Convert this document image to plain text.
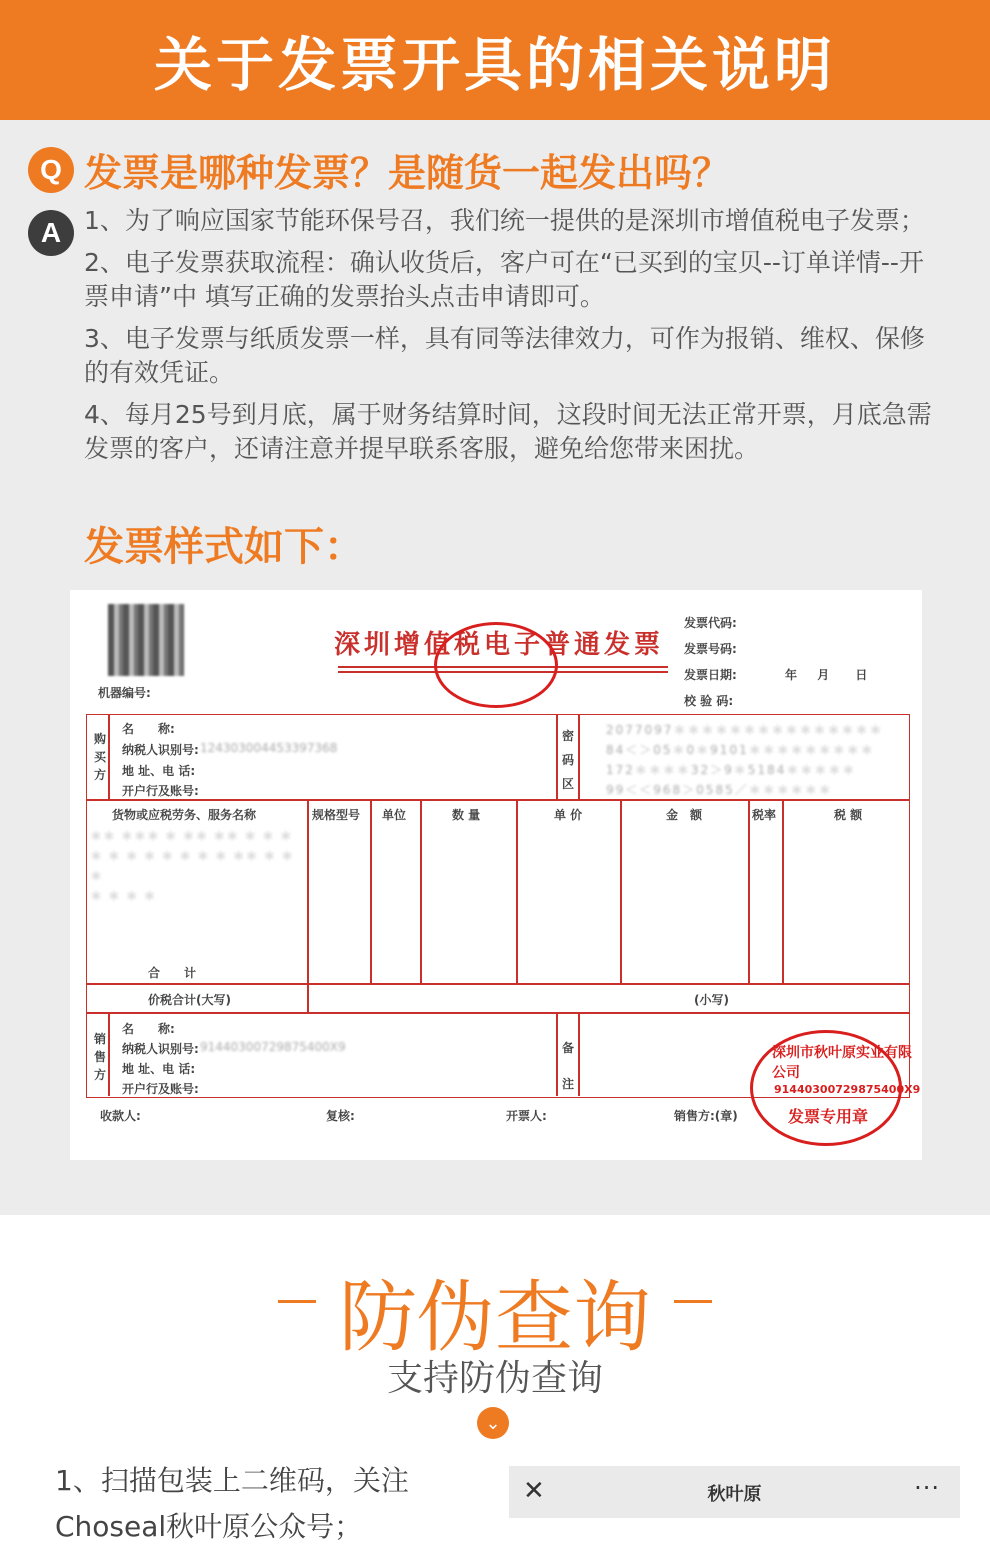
关于发票开具的相关说明
Q 发票是哪种发票？是随货一起发出吗？
A 1、为了响应国家节能环保号召，我们统一提供的是深圳市增值税电子发票；

2、电子发票获取流程：确认收货后，客户可在“已买到的宝贝--订单详情--开票申请”中 填写正确的发票抬头点击申请即可。

3、电子发票与纸质发票一样，具有同等法律效力，可作为报销、维权、保修的有效凭证。

4、每月25号到月底，属于财务结算时间，这段时间无法正常开票，月底急需发票的客户，还请注意并提早联系客服，避免给您带来困扰。

发票样式如下：
机器编号:
深圳增值税电子普通发票
发票代码:
发票号码:
发票日期:	年 月 日
校 验 码:
购买方
名　　称:
纳税人识别号: 124303004453397368
地 址、电 话:
开户行及账号:
密码区
2077097＊＊＊＊＊＊＊＊＊＊＊＊＊＊＊
84＜＞05＊0＊9101＊＊＊＊＊＊＊＊＊
172＊＊＊＊32＞9＊5184＊＊＊＊＊
99＜＜968＞0585／＊＊＊＊＊＊
货物或应税劳务、服务名称	规格型号 单位	数 量	单 价	金　额	税率	税 额
＊＊ ＊＊＊ ＊ ＊＊ ＊＊ ＊ ＊ ＊
＊ ＊ ＊ ＊ ＊ ＊ ＊ ＊ ＊＊ ＊ ＊ ＊
＊ ＊ ＊ ＊
合　　计
价税合计(大写)	(小写)
销售方
名　　称:
纳税人识别号: 91440300729875400X9
地 址、电 话:
开户行及账号:
备注
深圳市秋叶原实业有限公司
91440300729875400X9
发票专用章
收款人:	复核:	开票人:	销售方:(章)
防伪查询
支持防伪查询
⌄
1、扫描包装上二维码，关注Choseal秋叶原公众号；
✕	秋叶原	···
